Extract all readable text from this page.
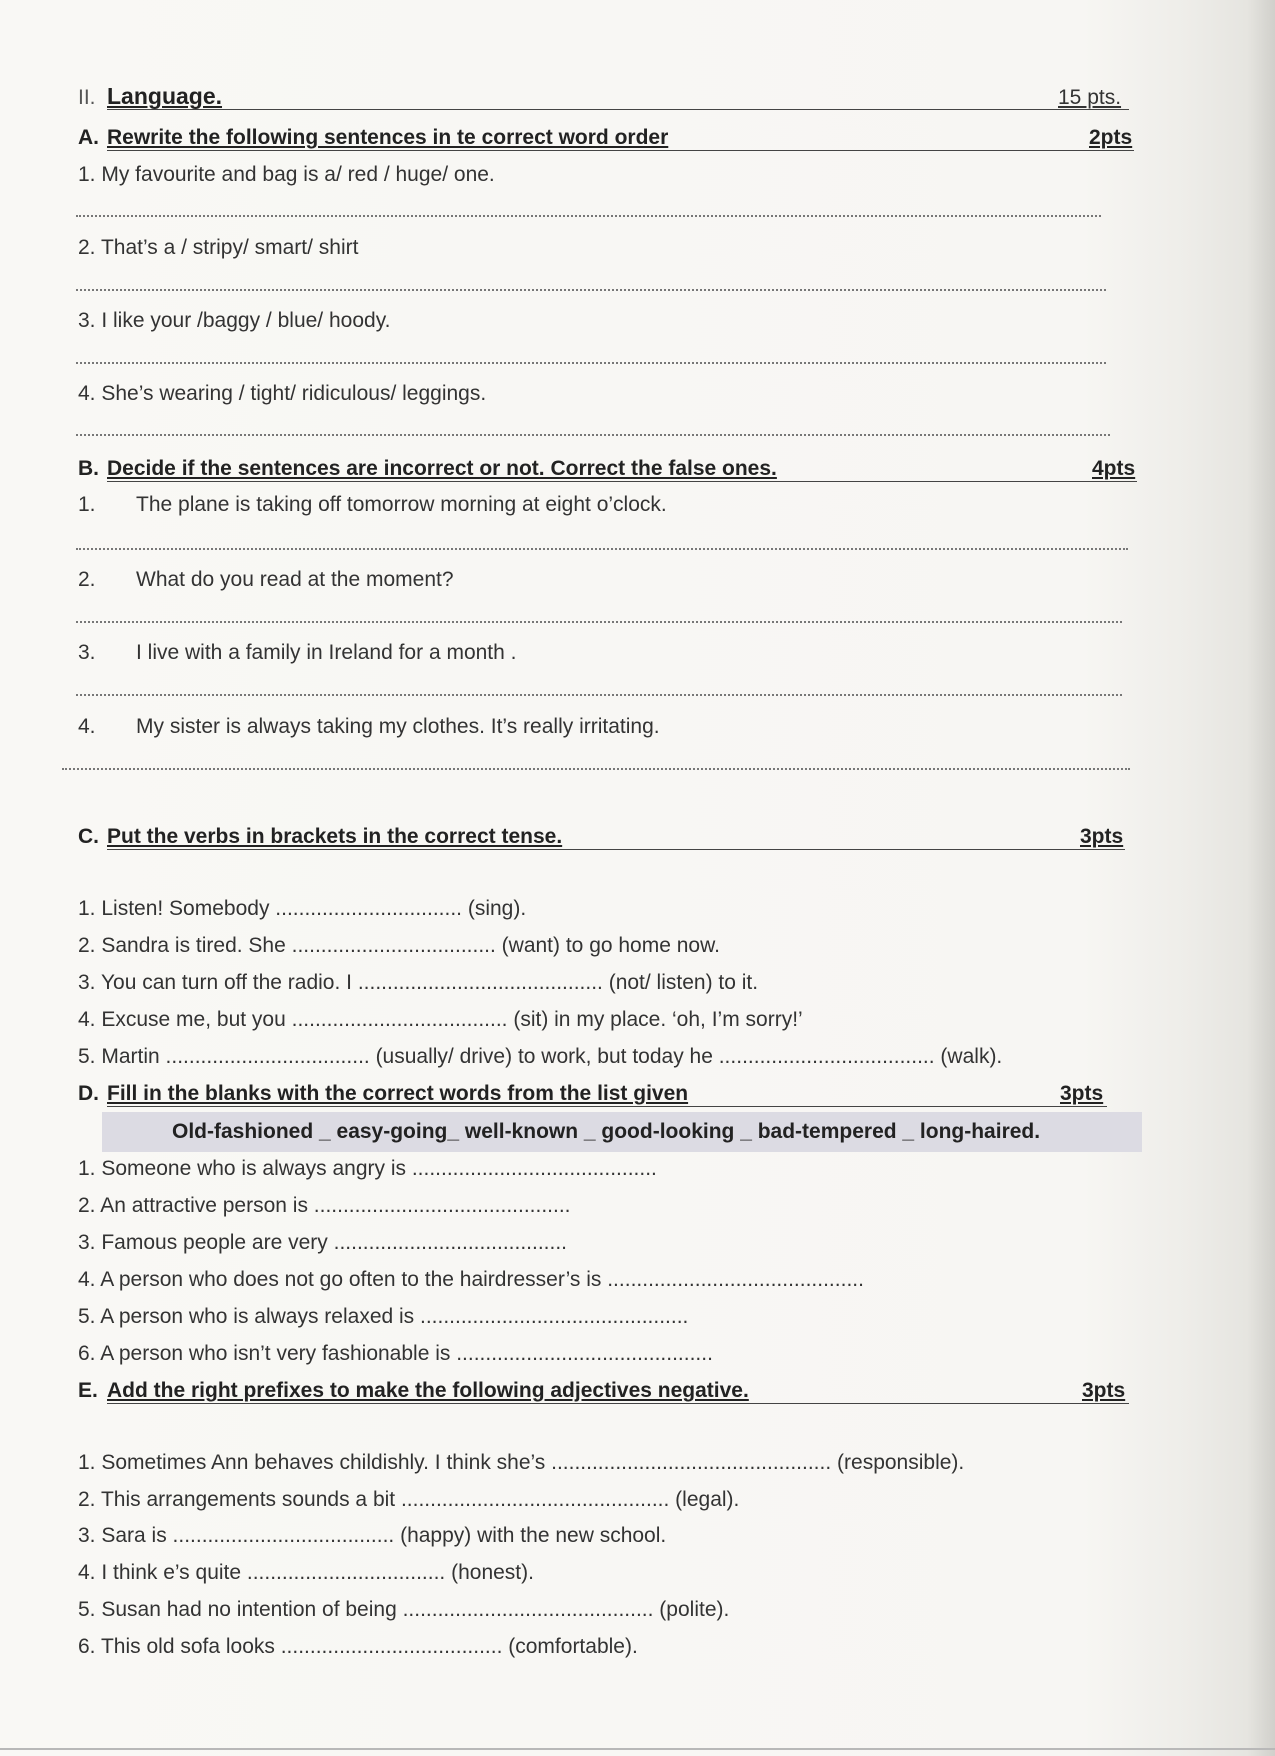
II. Language.	15 pts.
A. Rewrite the following sentences in te correct word order	2pts
1. My favourite and bag is a/ red / huge/ one.
2. That’s a / stripy/ smart/ shirt
3. I like your /baggy / blue/ hoody.
4. She’s wearing / tight/ ridiculous/ leggings.
B. Decide if the sentences are incorrect or not. Correct the false ones.	4pts
1. The plane is taking off tomorrow morning at eight o’clock.
2. What do you read at the moment?
3. I live with a family in Ireland for a month .
4. My sister is always taking my clothes. It’s really irritating.
C. Put the verbs in brackets in the correct tense.	3pts
1. Listen! Somebody ................................ (sing).
2. Sandra is tired. She ................................... (want) to go home now.
3. You can turn off the radio. I .......................................... (not/ listen) to it.
4. Excuse me, but you ..................................... (sit) in my place. ‘oh, I’m sorry!’
5. Martin ................................... (usually/ drive) to work, but today he ..................................... (walk).
D. Fill in the blanks with the correct words from the list given	3pts
Old-fashioned _ easy-going_ well-known _ good-looking _ bad-tempered _ long-haired.
1. Someone who is always angry is ..........................................
2. An attractive person is ............................................
3. Famous people are very ........................................
4. A person who does not go often to the hairdresser’s is ............................................
5. A person who is always relaxed is ..............................................
6. A person who isn’t very fashionable is ............................................
E. Add the right prefixes to make the following adjectives negative.	3pts
1. Sometimes Ann behaves childishly. I think she’s ................................................ (responsible).
2. This arrangements sounds a bit .............................................. (legal).
3. Sara is ...................................... (happy) with the new school.
4. I think e’s quite .................................. (honest).
5. Susan had no intention of being ........................................... (polite).
6. This old sofa looks ...................................... (comfortable).
